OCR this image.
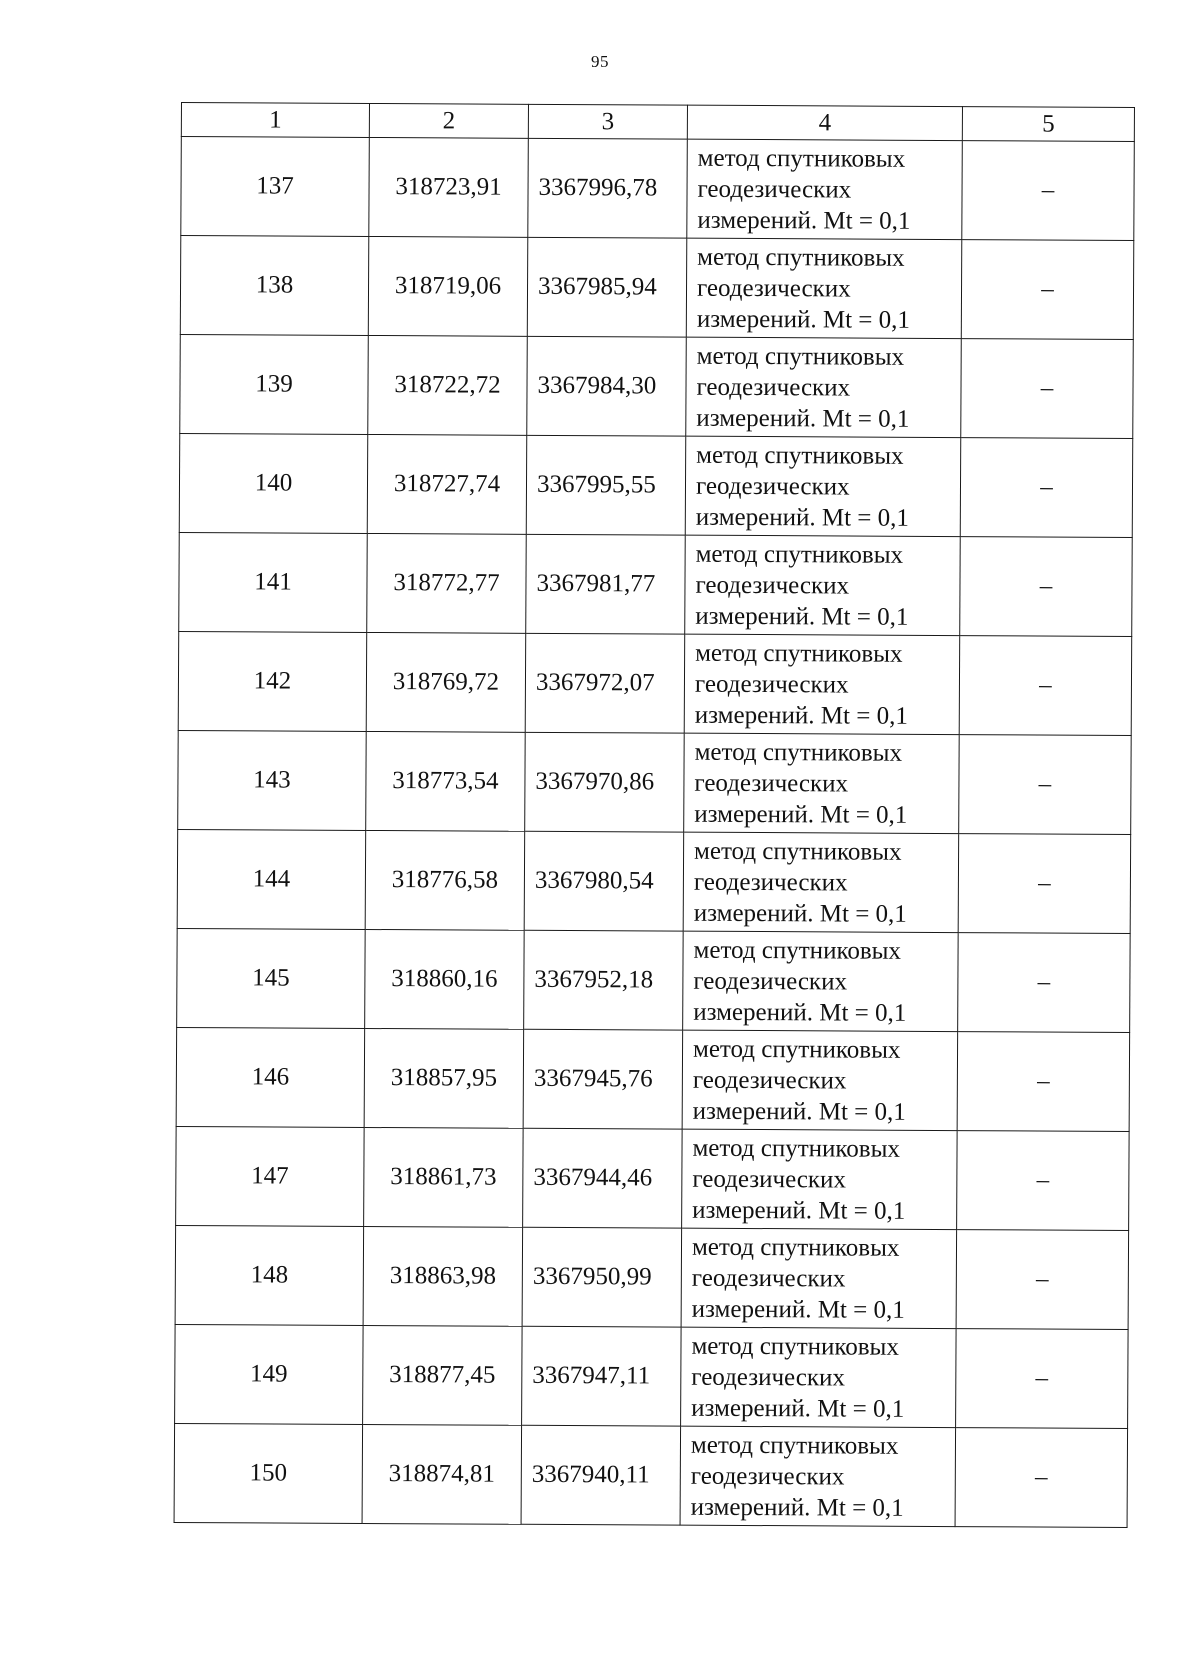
95
1	2	3	4	5
137	318723,91	3367996,78	метод спутниковых
геодезических
измерений. Mt = 0,1	–
138	318719,06	3367985,94	метод спутниковых
геодезических
измерений. Mt = 0,1	–
139	318722,72	3367984,30	метод спутниковых
геодезических
измерений. Mt = 0,1	–
140	318727,74	3367995,55	метод спутниковых
геодезических
измерений. Mt = 0,1	–
141	318772,77	3367981,77	метод спутниковых
геодезических
измерений. Mt = 0,1	–
142	318769,72	3367972,07	метод спутниковых
геодезических
измерений. Mt = 0,1	–
143	318773,54	3367970,86	метод спутниковых
геодезических
измерений. Mt = 0,1	–
144	318776,58	3367980,54	метод спутниковых
геодезических
измерений. Mt = 0,1	–
145	318860,16	3367952,18	метод спутниковых
геодезических
измерений. Mt = 0,1	–
146	318857,95	3367945,76	метод спутниковых
геодезических
измерений. Mt = 0,1	–
147	318861,73	3367944,46	метод спутниковых
геодезических
измерений. Mt = 0,1	–
148	318863,98	3367950,99	метод спутниковых
геодезических
измерений. Mt = 0,1	–
149	318877,45	3367947,11	метод спутниковых
геодезических
измерений. Mt = 0,1	–
150	318874,81	3367940,11	метод спутниковых
геодезических
измерений. Mt = 0,1	–
